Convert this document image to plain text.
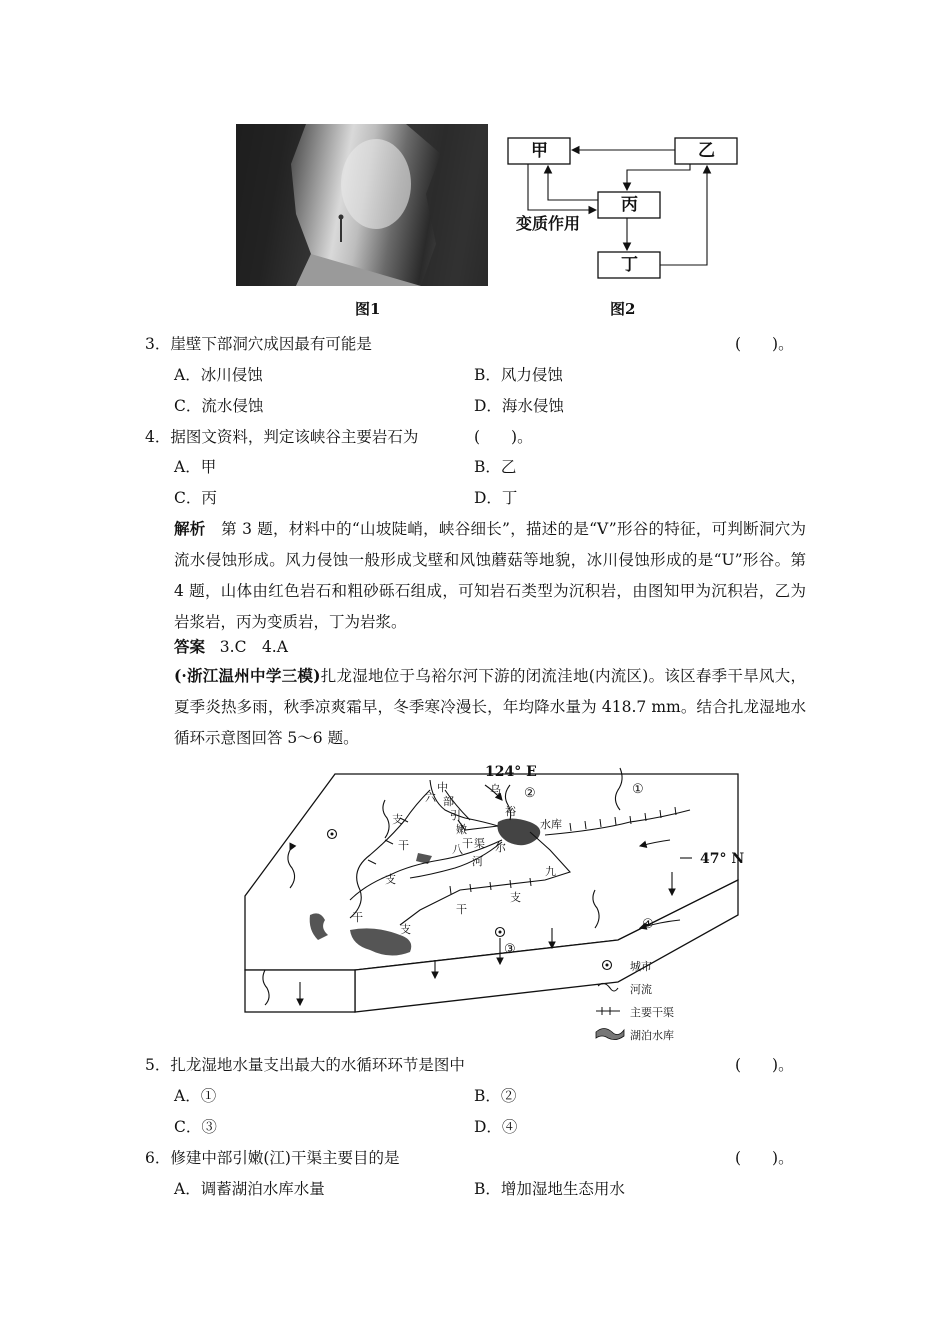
图1
甲	乙
丙
丁
变质作用
图2
3．崖壁下部洞穴成因最有可能是	(　　)。
A．冰川侵蚀	B．风力侵蚀
C．流水侵蚀	D．海水侵蚀
4．据图文资料，判定该峡谷主要岩石为	(　　)。
A．甲	B．乙
C．丙	D．丁
解析 第 3 题，材料中的“山坡陡峭，峡谷细长”，描述的是“V”形谷的特征，可判断洞穴为流水侵蚀形成。风力侵蚀一般形成戈壁和风蚀蘑菇等地貌，冰川侵蚀形成的是“U”形谷。第 4 题，山体由红色岩石和粗砂砾石组成，可知岩石类型为沉积岩，由图知甲为沉积岩，乙为岩浆岩，丙为变质岩，丁为岩浆。
答案 3.C　4.A
(·浙江温州中学三模)扎龙湿地位于乌裕尔河下游的闭流洼地(内流区)。该区春季干旱风大，夏季炎热多雨，秋季凉爽霜早，冬季寒冷漫长，年均降水量为 418.7 mm。结合扎龙湿地水循环示意图回答 5～6 题。
124° E
47° N
水库
六
中
部
引
嫩
干 渠
乌
裕
尔
河
支
干
支
八
九
支
干
干
支
①
②
③
④
城市
河流
主要干渠
湖泊水库
5．扎龙湿地水量支出最大的水循环环节是图中	(　　)。
A．①	B．②
C．③	D．④
6．修建中部引嫩(江)干渠主要目的是	(　　)。
A．调蓄湖泊水库水量	B．增加湿地生态用水
